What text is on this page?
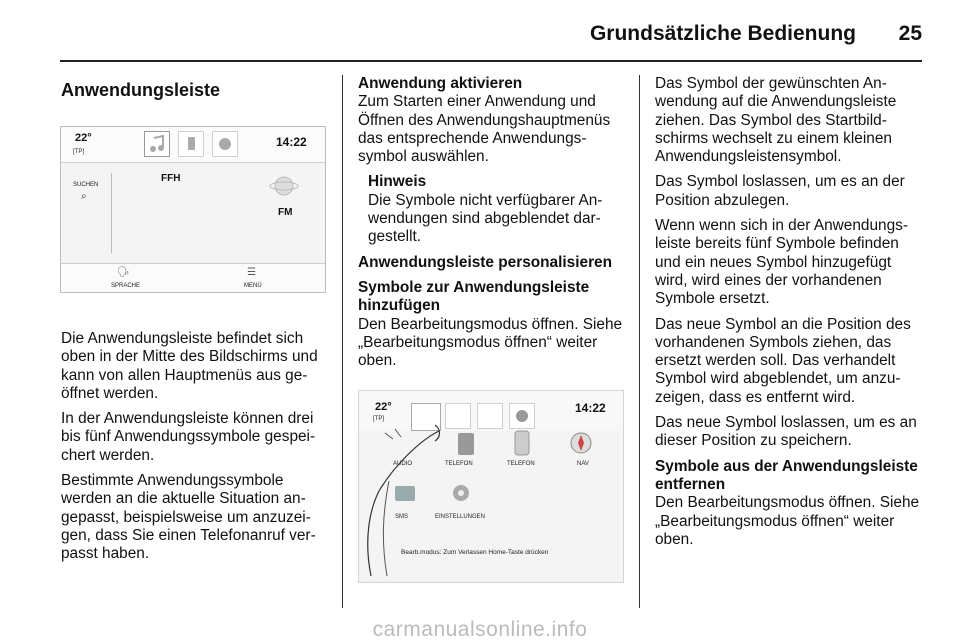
Grundsätzliche Bedienung 25
Anwendungsleiste
22°
[TP]
14:22
SUCHEN
⌕
FFH
FM
🗣
SPRACHE
☰
MENÜ

Die Anwendungsleiste befindet sich oben in der Mitte des Bildschirms und kann von allen Hauptmenüs aus geöffnet werden.

In der Anwendungsleiste können drei bis fünf Anwendungssymbole gespeichert werden.

Bestimmte Anwendungssymbole werden an die aktuelle Situation angepasst, beispielsweise um anzuzeigen, dass Sie einen Telefonanruf verpasst haben.

Anwendung aktivieren

Zum Starten einer Anwendung und Öffnen des Anwendungshauptmenüs das entsprechende Anwendungssymbol auswählen.

Hinweis
Die Symbole nicht verfügbarer Anwendungen sind abgeblendet dargestellt.
Anwendungsleiste personalisieren
Symbole zur Anwendungsleiste hinzufügen

Den Bearbeitungsmodus öffnen. Siehe „Bearbeitungsmodus öffnen“ weiter oben.

22°
[TP]
14:22
AUDIO	TELEFON	TELEFON	NAV
SMS	EINSTELLUNGEN
Bearb.modus: Zum Verlassen Home-Taste drücken

Das Symbol der gewünschten Anwendung auf die Anwendungsleiste ziehen. Das Symbol des Startbildschirms wechselt zu einem kleinen Anwendungsleistensymbol.

Das Symbol loslassen, um es an der Position abzulegen.

Wenn wenn sich in der Anwendungsleiste bereits fünf Symbole befinden und ein neues Symbol hinzugefügt wird, wird eines der vorhandenen Symbole ersetzt.

Das neue Symbol an die Position des vorhandenen Symbols ziehen, das ersetzt werden soll. Das verhandelt Symbol wird abgeblendet, um anzuzeigen, dass es entfernt wird.

Das neue Symbol loslassen, um es an dieser Position zu speichern.

Symbole aus der Anwendungsleiste entfernen

Den Bearbeitungsmodus öffnen. Siehe „Bearbeitungsmodus öffnen“ weiter oben.

carmanualsonline.info
